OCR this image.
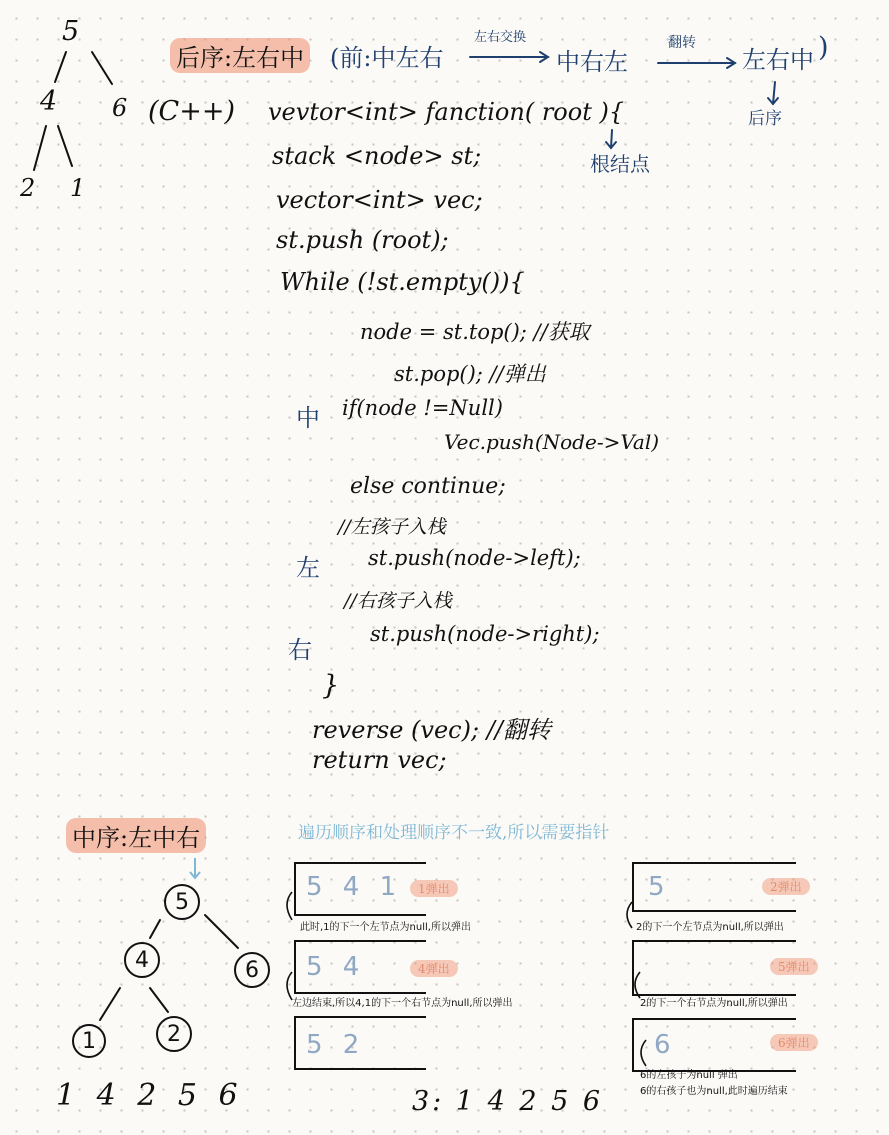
5
4 6
2 1
后序:左右中 (前:中左右
左右交换
中右左
翻转
左右中 )
后序
(C++) vevtor<int> fanction( root ){
stack <node> st;	根结点
vector<int> vec;
st.push (root);
While (!st.empty()){
node = st.top(); //获取
st.pop(); //弹出
中 if(node !=Null)
Vec.push(Node->Val)
else continue;
//左孩子入栈
左 st.push(node->left);
//右孩子入栈
右
st.push(node->right);
}
reverse (vec); //翻转
return vec;
中序:左中右	遍历顺序和处理顺序不一致,所以需要指针
5
4	6
1	2
1 4 2 5 6	3: 1 4 2 5 6
5 4 1	1弹出
此时,1的下一个左节点为null,所以弹出
5 4	4弹出
左边结束,所以4,1的下一个右节点为null,所以弹出
5 2
5	2弹出
2的下一个左节点为null,所以弹出
5弹出
2的下一个右节点为null,所以弹出
6	6弹出
6的左孩子为null 弹出
6的右孩子也为null,此时遍历结束
